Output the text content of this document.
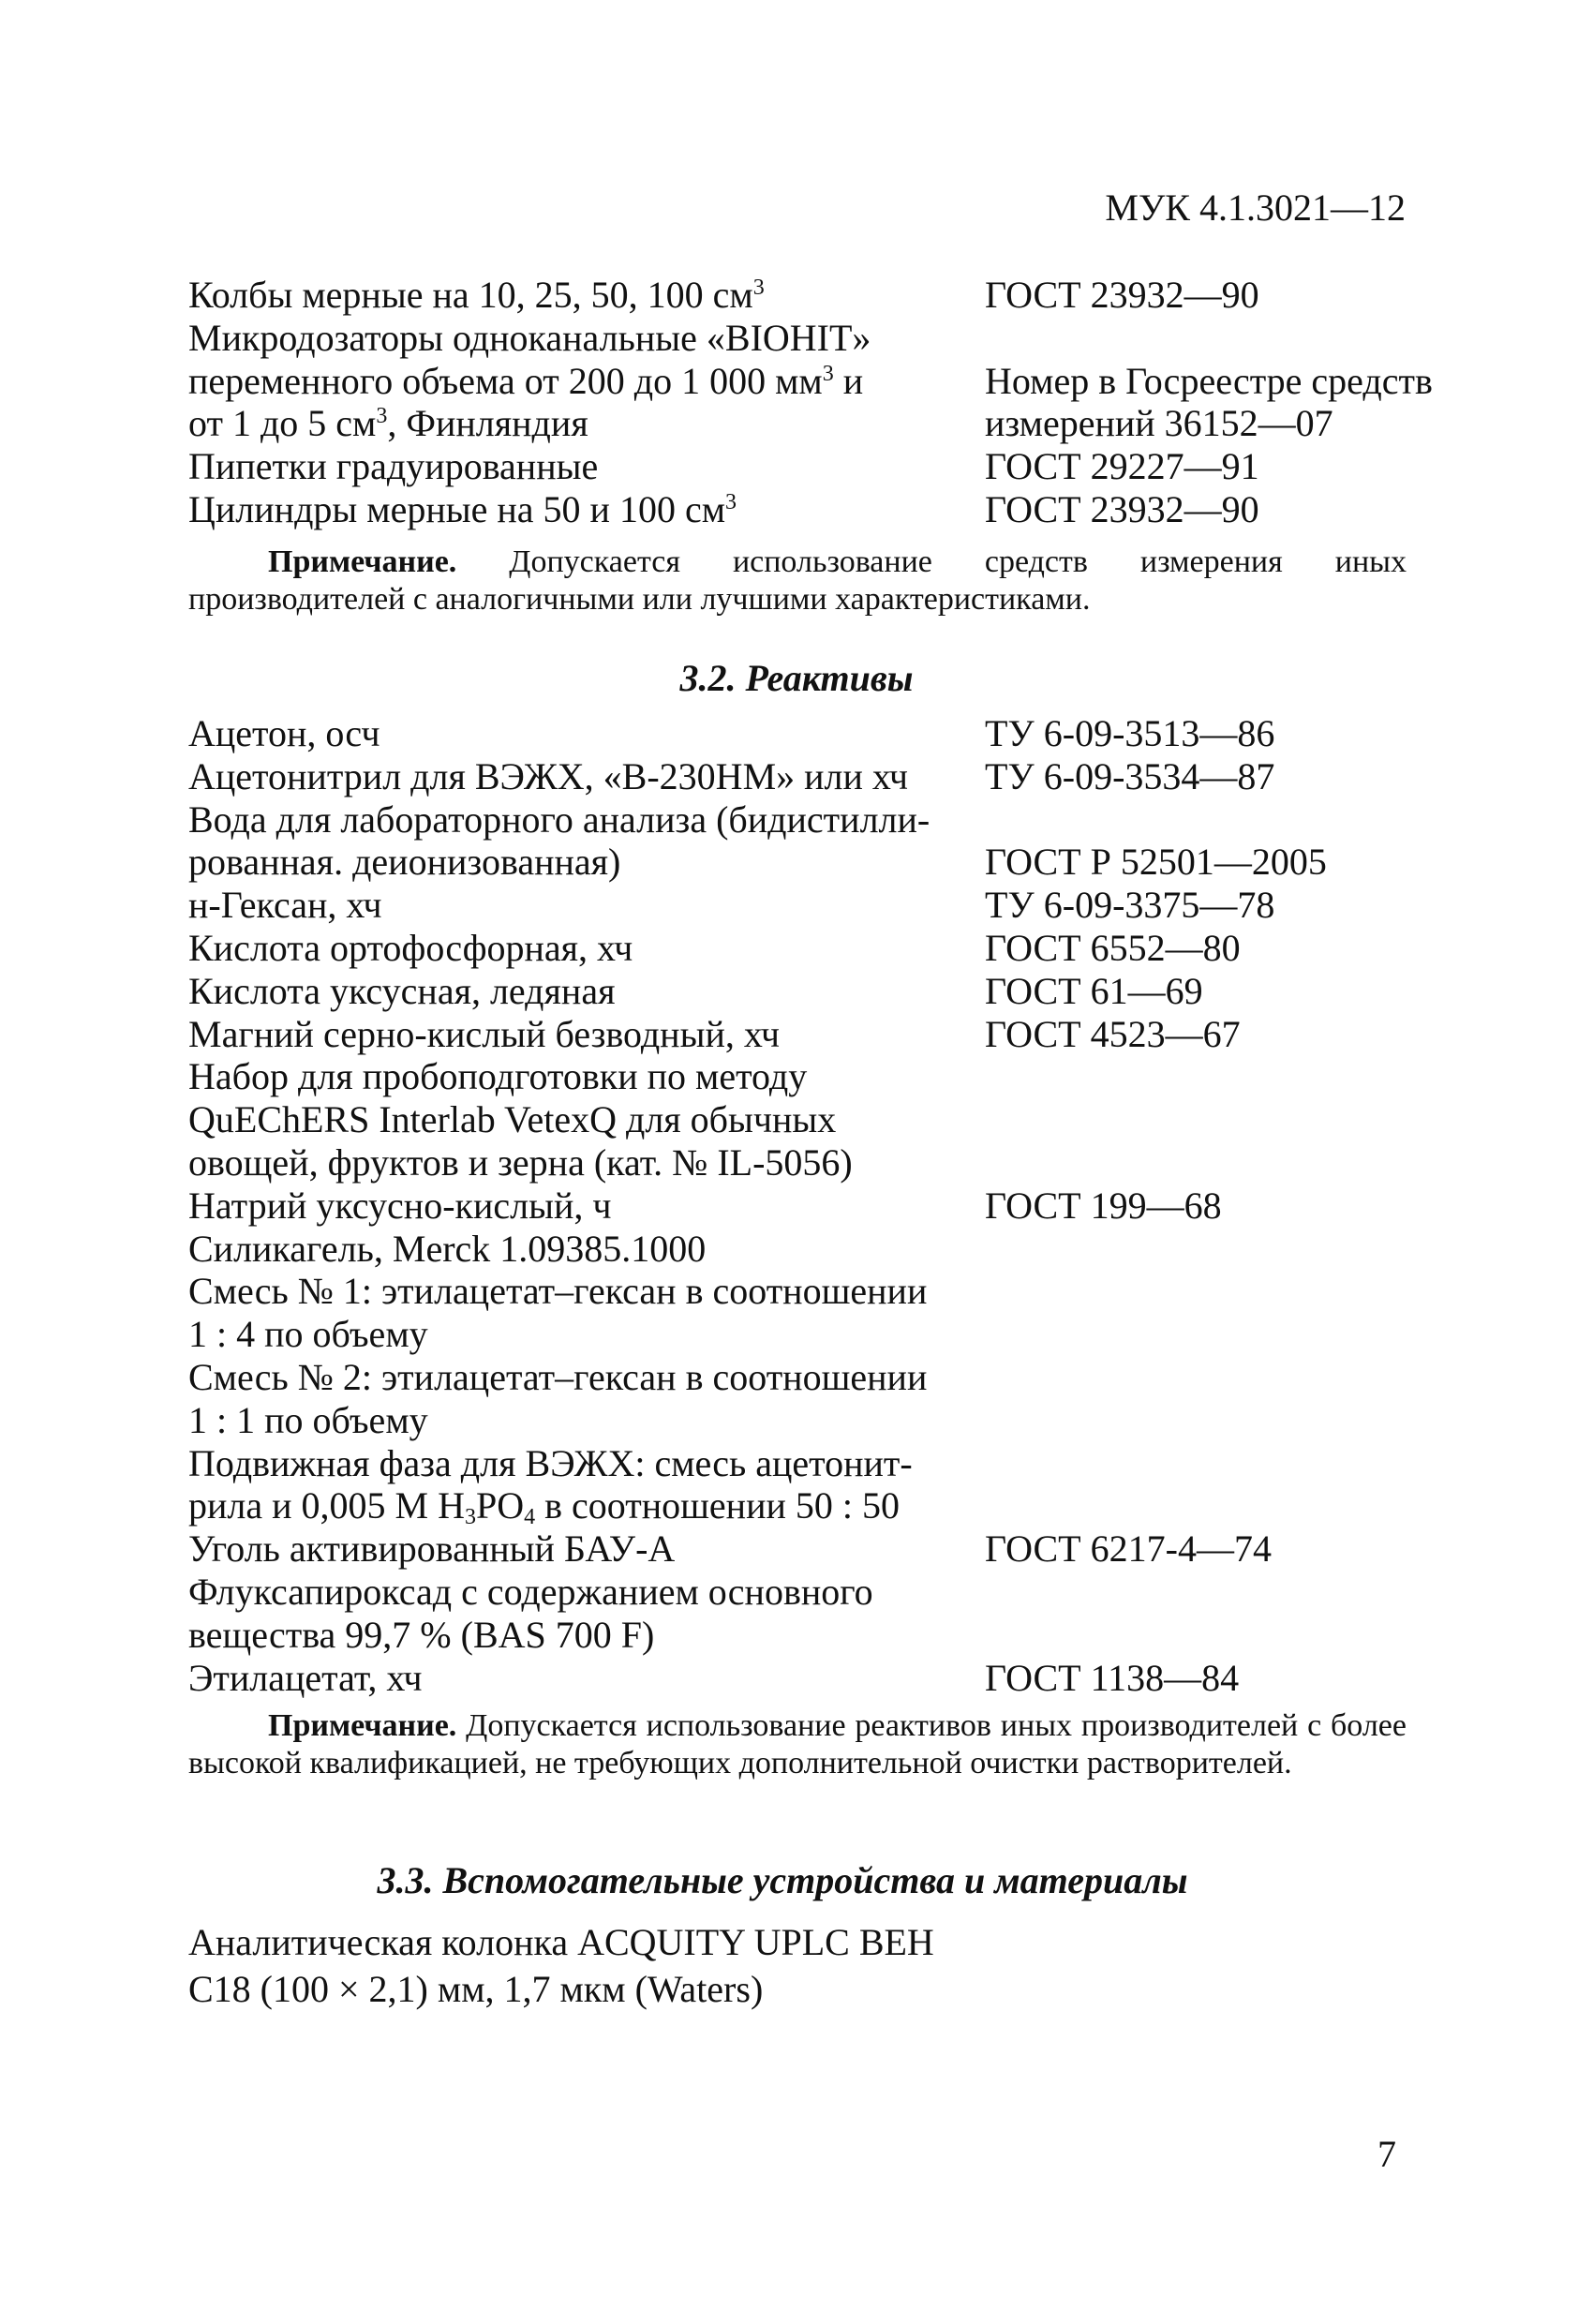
МУК 4.1.3021—12
Колбы мерные на 10, 25, 50, 100 $см^3$	ГОСТ 23932—90
Микродозаторы одноканальные «BIOHIT»
переменного объема от 200 до 1 000 $мм^3$ и	Номер в Госреестре средств
от 1 до 5 $см^3$, Финляндия	измерений 36152—07
Пипетки градуированные	ГОСТ 29227—91
Цилиндры мерные на 50 и 100 $см^3$	ГОСТ 23932—90
Примечание. Допускается использование средств измерения иных производителей с аналогичными или лучшими характеристиками.
3.2. Реактивы
Ацетон, осч	ТУ 6-09-3513—86
Ацетонитрил для ВЭЖХ, «В-230НМ» или хч ТУ 6-09-3534—87
Вода для лабораторного анализа (бидистилли-
рованная. деионизованная)	ГОСТ Р 52501—2005
н-Гексан, хч	ТУ 6-09-3375—78
Кислота ортофосфорная, хч	ГОСТ 6552—80
Кислота уксусная, ледяная	ГОСТ 61—69
Магний серно-кислый безводный, хч	ГОСТ 4523—67
Набор для пробоподготовки по методу
QuEChERS Interlab VetexQ для обычных
овощей, фруктов и зерна (кат. № IL-5056)
Натрий уксусно-кислый, ч	ГОСТ 199—68
Силикагель, Merck 1.09385.1000
Смесь № 1: этилацетат–гексан в соотношении
1 : 4 по объему
Смесь № 2: этилацетат–гексан в соотношении
1 : 1 по объему
Подвижная фаза для ВЭЖХ: смесь ацетонит-
рила и 0,005 М $H_3PO_4$ в соотношении 50 : 50
Уголь активированный БАУ-А	ГОСТ 6217-4—74
Флуксапироксад с содержанием основного
вещества 99,7 % (BAS 700 F)
Этилацетат, хч	ГОСТ 1138—84
Примечание. Допускается использование реактивов иных производителей с более высокой квалификацией, не требующих дополнительной очистки растворителей.
3.3. Вспомогательные устройства и материалы
Аналитическая колонка ACQUITY UPLC BEH
C18 (100 × 2,1) мм, 1,7 мкм (Waters)
7
